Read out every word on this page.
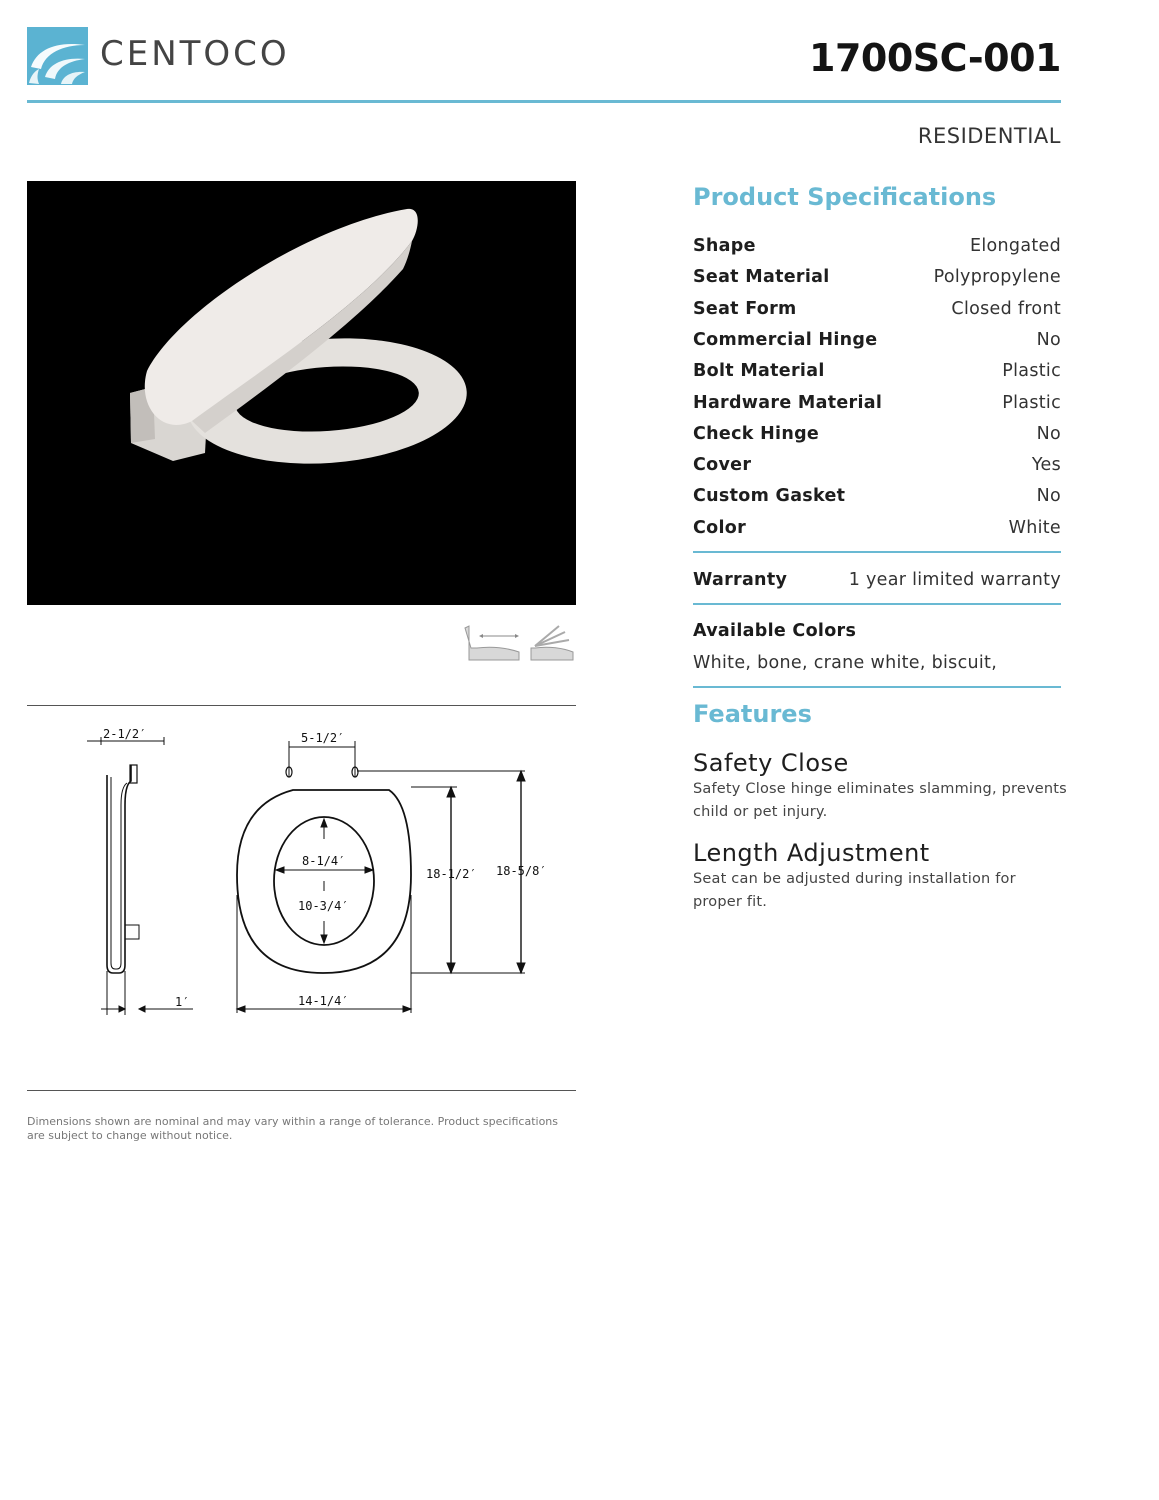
CENTOCO	1700SC-001
RESIDENTIAL
2-1/2′
1′
5-1/2′
8-1/4′
10-3/4′
18-1/2′ 18-5/8′
14-1/4′
Dimensions shown are nominal and may vary within a range of tolerance. Product specifications are subject to change without notice.
Product Specifications
Shape	Elongated
Seat Material	Polypropylene
Seat Form	Closed front
Commercial Hinge	No
Bolt Material	Plastic
Hardware Material	Plastic
Check Hinge	No
Cover	Yes
Custom Gasket	No
Color	White
Warranty	1 year limited warranty
Available Colors
White, bone, crane white, biscuit,
Features
Safety Close
Safety Close hinge eliminates slamming, prevents child or pet injury.
Length Adjustment
Seat can be adjusted during installation for proper fit.
